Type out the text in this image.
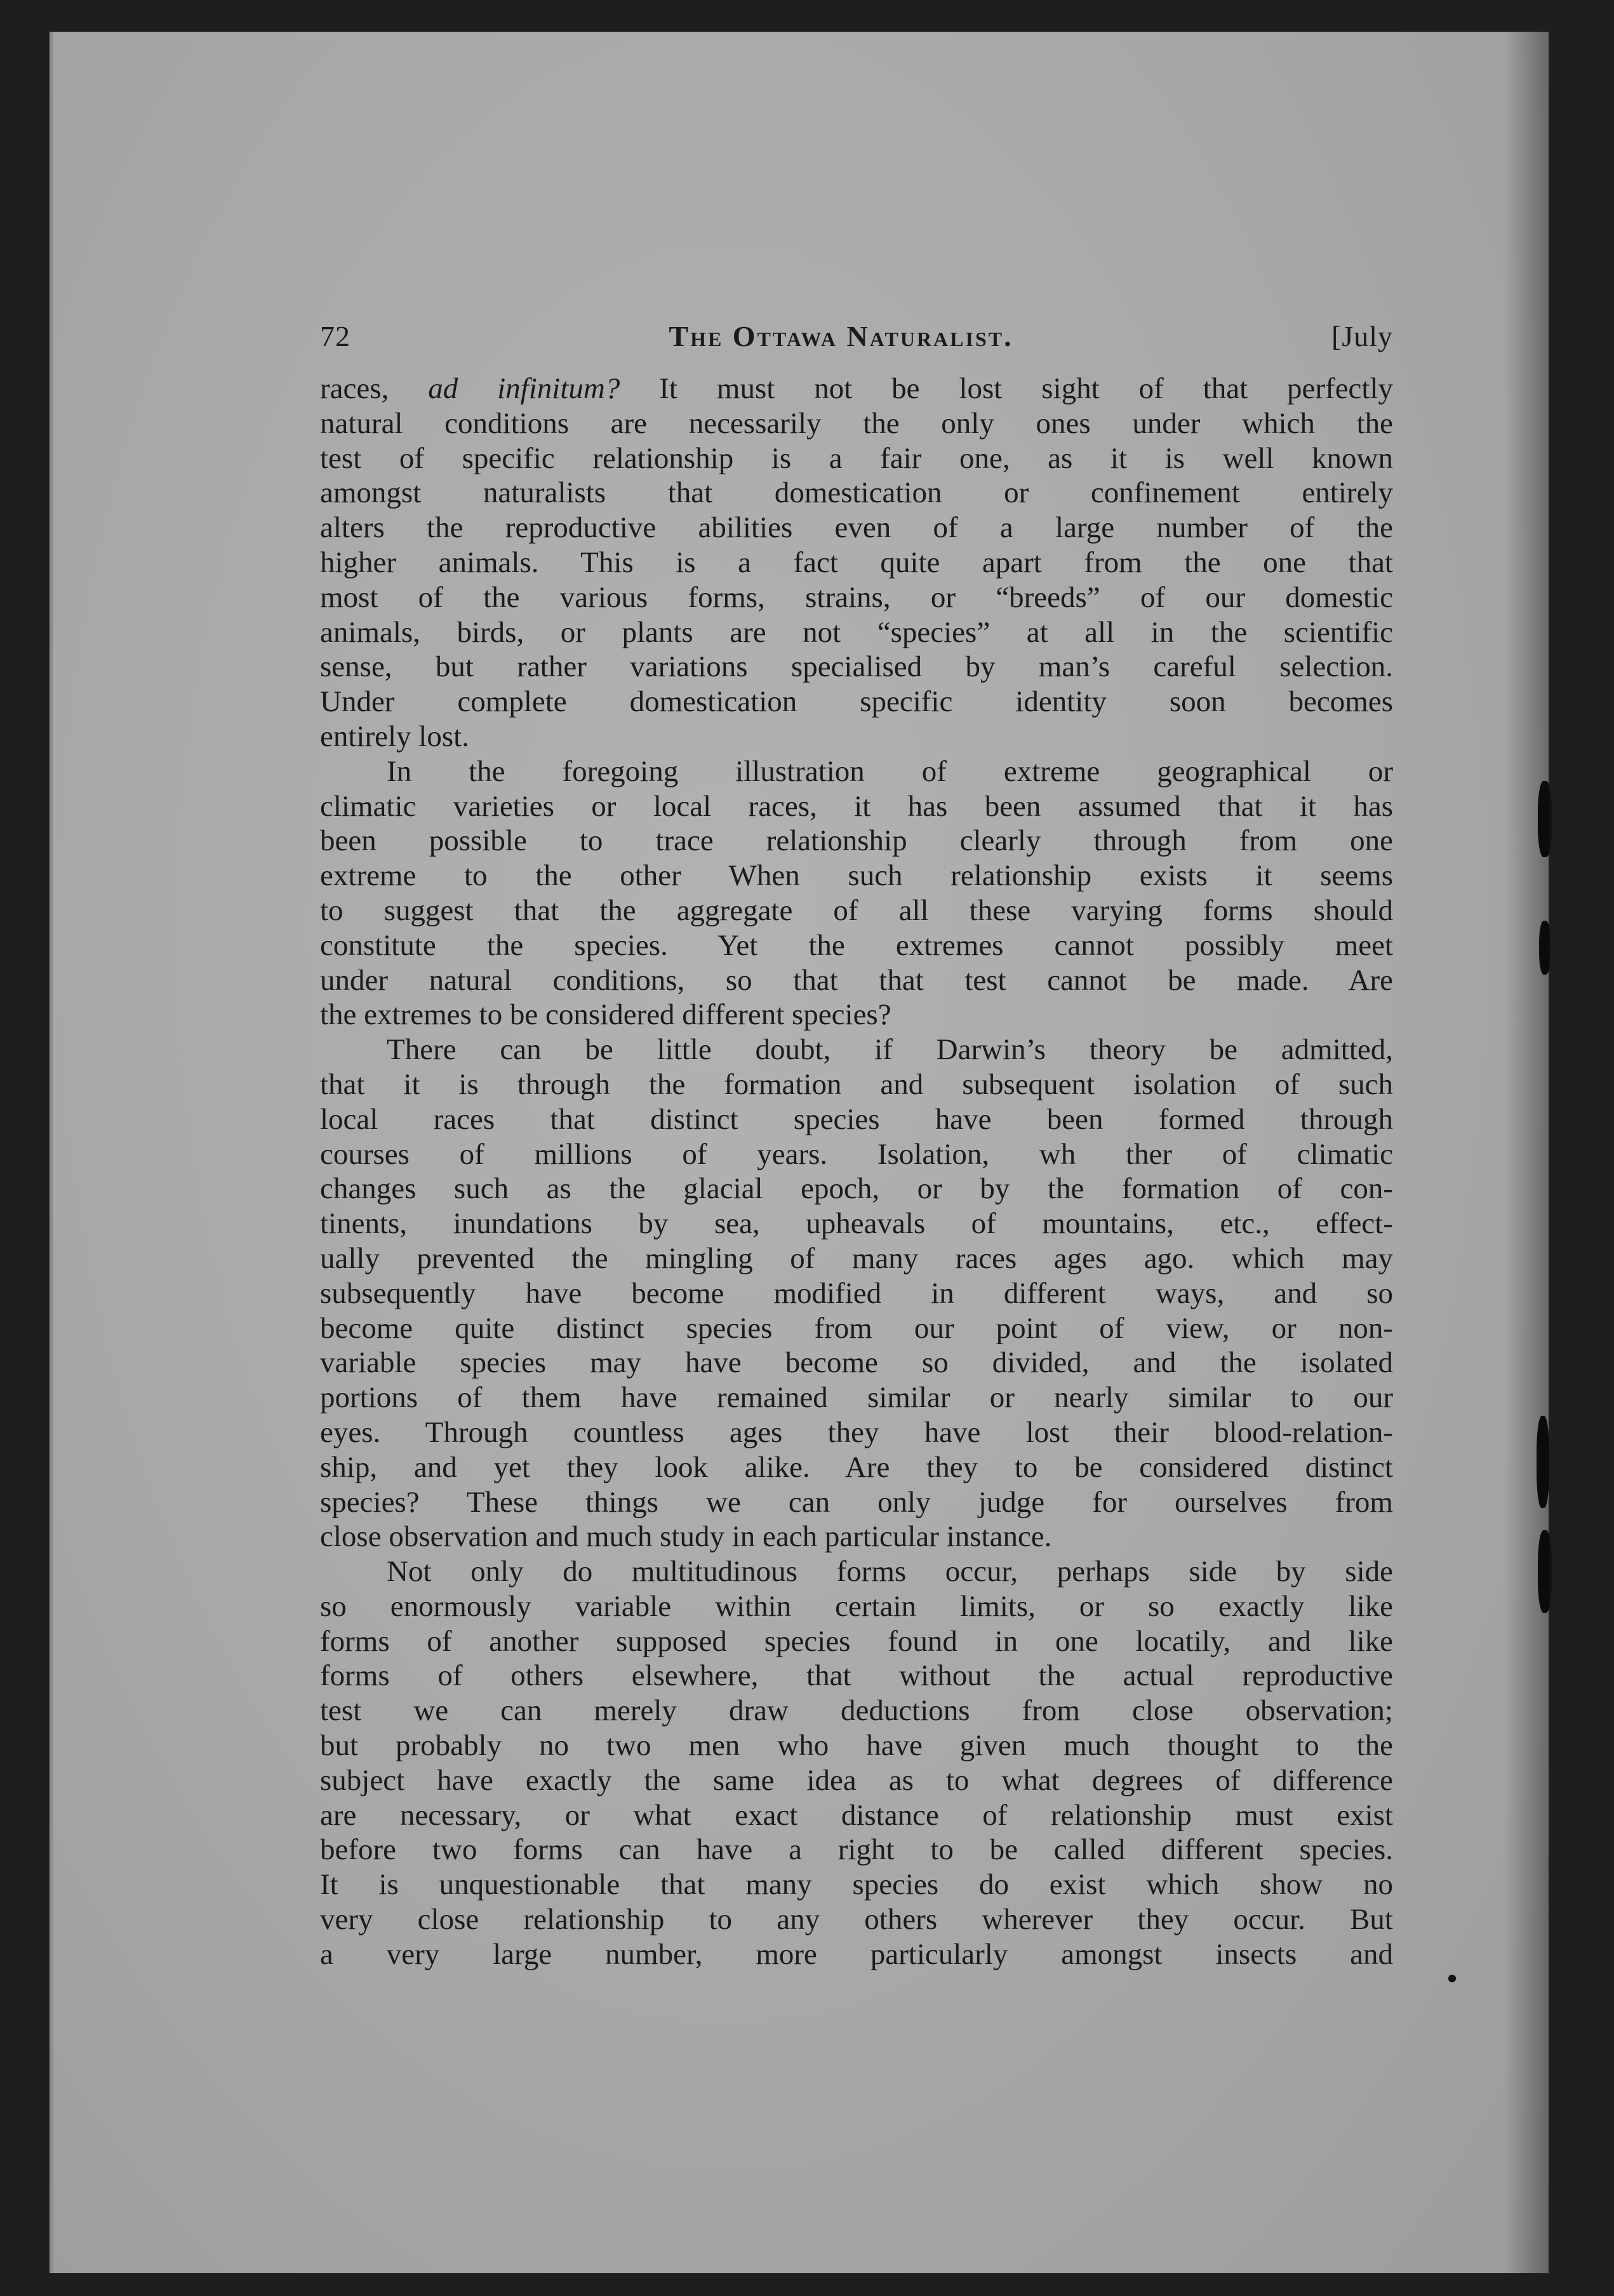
72	The Ottawa Naturalist.	[July
races, ad infinitum? It must not be lost sight of that perfectly
natural conditions are necessarily the only ones under which the
test of specific relationship is a fair one, as it is well known
amongst naturalists that domestication or confinement entirely
alters the reproductive abilities even of a large number of the
higher animals. This is a fact quite apart from the one that
most of the various forms, strains, or “breeds” of our domestic
animals, birds, or plants are not “species” at all in the scientific
sense, but rather variations specialised by man’s careful selection.
Under complete domestication specific identity soon becomes
entirely lost.
In the foregoing illustration of extreme geographical or
climatic varieties or local races, it has been assumed that it has
been possible to trace relationship clearly through from one
extreme to the other When such relationship exists it seems
to suggest that the aggregate of all these varying forms should
constitute the species. Yet the extremes cannot possibly meet
under natural conditions, so that that test cannot be made. Are
the extremes to be considered different species?
There can be little doubt, if Darwin’s theory be admitted,
that it is through the formation and subsequent isolation of such
local races that distinct species have been formed through
courses of millions of years. Isolation, wh ther of climatic
changes such as the glacial epoch, or by the formation of con-
tinents, inundations by sea, upheavals of mountains, etc., effect-
ually prevented the mingling of many races ages ago. which may
subsequently have become modified in different ways, and so
become quite distinct species from our point of view, or non-
variable species may have become so divided, and the isolated
portions of them have remained similar or nearly similar to our
eyes. Through countless ages they have lost their blood-relation-
ship, and yet they look alike. Are they to be considered distinct
species? These things we can only judge for ourselves from
close observation and much study in each particular instance.
Not only do multitudinous forms occur, perhaps side by side
so enormously variable within certain limits, or so exactly like
forms of another supposed species found in one locatily, and like
forms of others elsewhere, that without the actual reproductive
test we can merely draw deductions from close observation;
but probably no two men who have given much thought to the
subject have exactly the same idea as to what degrees of difference
are necessary, or what exact distance of relationship must exist
before two forms can have a right to be called different species.
It is unquestionable that many species do exist which show no
very close relationship to any others wherever they occur. But
a very large number, more particularly amongst insects and
